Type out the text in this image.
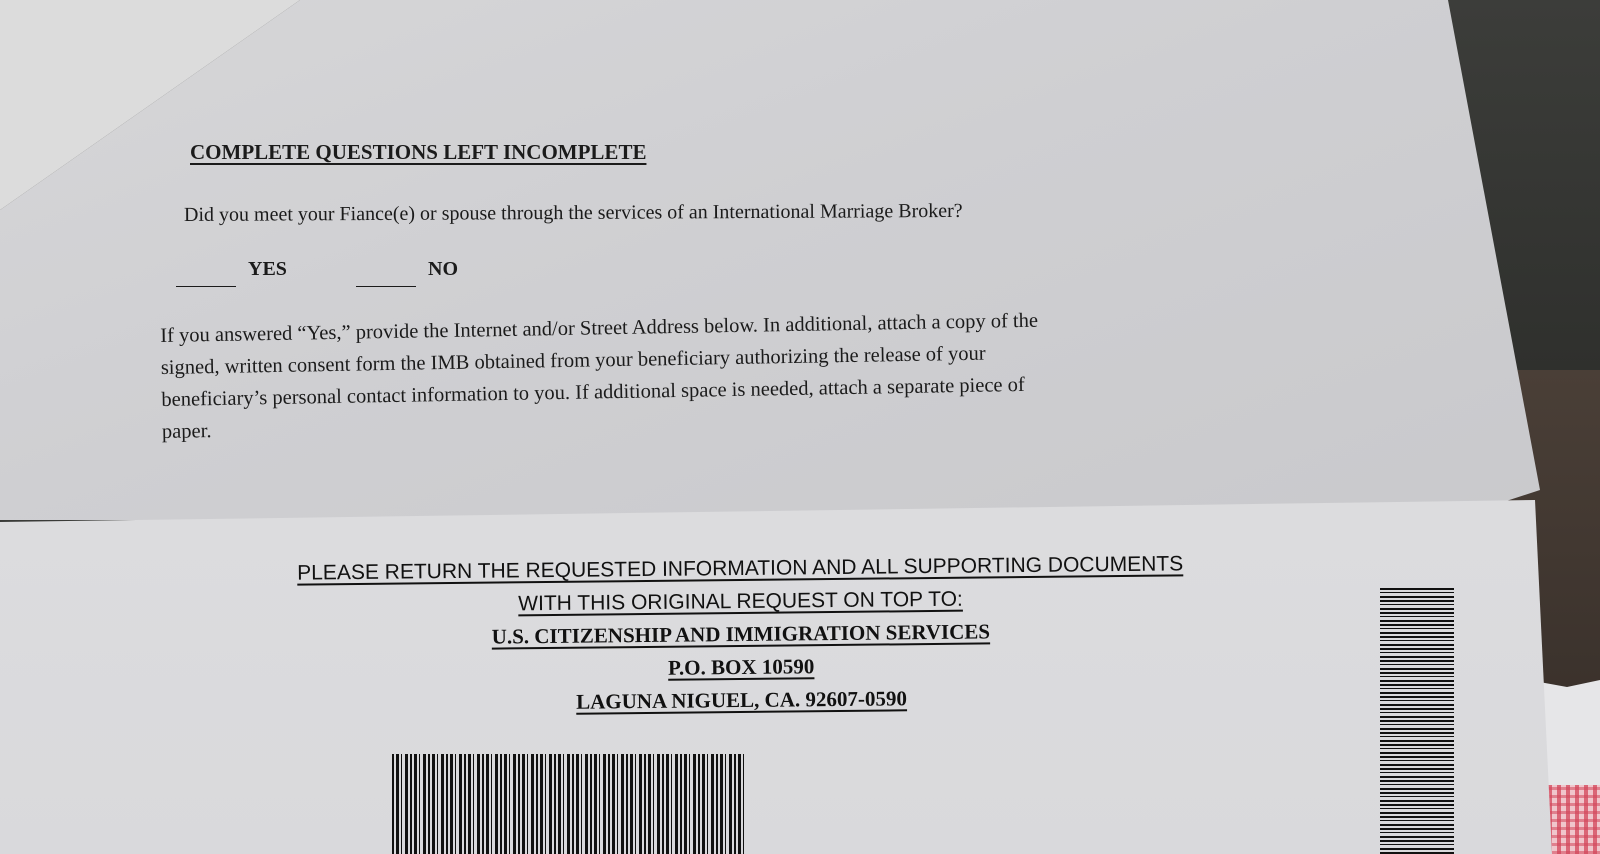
COMPLETE QUESTIONS LEFT INCOMPLETE

Did you meet your Fiance(e) or spouse through the services of an International Marriage Broker?

YES	NO
If you answered “Yes,” provide the Internet and/or Street Address below. In additional, attach a copy of the
signed, written consent form the IMB obtained from your beneficiary authorizing the release of your
beneficiary’s personal contact information to you. If additional space is needed, attach a separate piece of
paper.
PLEASE RETURN THE REQUESTED INFORMATION AND ALL SUPPORTING DOCUMENTS
WITH THIS ORIGINAL REQUEST ON TOP TO:
U.S. CITIZENSHIP AND IMMIGRATION SERVICES
P.O. BOX 10590
LAGUNA NIGUEL, CA. 92607-0590
